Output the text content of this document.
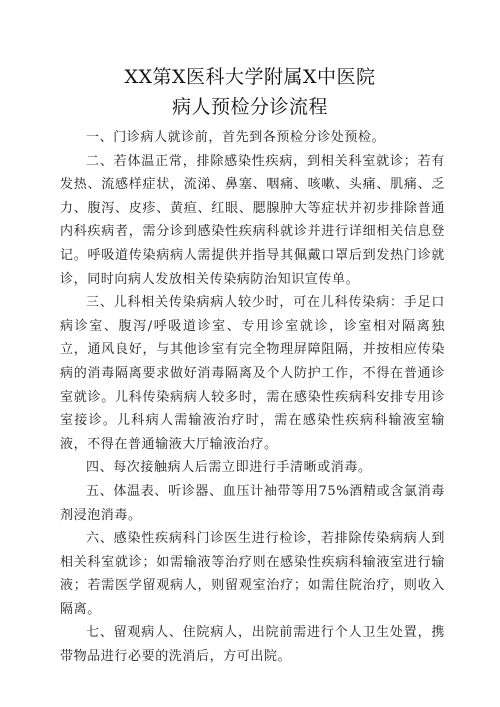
XX第X医科大学附属X中医院
病人预检分诊流程

一、门诊病人就诊前，首先到各预检分诊处预检。

二、若体温正常，排除感染性疾病，到相关科室就诊；若有发热、流感样症状，流涕、鼻塞、咽痛、咳嗽、头痛、肌痛、乏力、腹泻、皮疹、黄疸、红眼、腮腺肿大等症状并初步排除普通内科疾病者，需分诊到感染性疾病科就诊并进行详细相关信息登记。呼吸道传染病病人需提供并指导其佩戴口罩后到发热门诊就诊，同时向病人发放相关传染病防治知识宣传单。

三、儿科相关传染病病人较少时，可在儿科传染病：手足口病诊室、腹泻/呼吸道诊室、专用诊室就诊，诊室相对隔离独立，通风良好，与其他诊室有完全物理屏障阻隔，并按相应传染病的消毒隔离要求做好消毒隔离及个人防护工作，不得在普通诊室就诊。儿科传染病病人较多时，需在感染性疾病科安排专用诊室接诊。儿科病人需输液治疗时，需在感染性疾病科输液室输液，不得在普通输液大厅输液治疗。

四、每次接触病人后需立即进行手清晰或消毒。

五、体温表、听诊器、血压计袖带等用75%酒精或含氯消毒剂浸泡消毒。

六、感染性疾病科门诊医生进行检诊，若排除传染病病人到相关科室就诊；如需输液等治疗则在感染性疾病科输液室进行输液；若需医学留观病人，则留观室治疗；如需住院治疗，则收入隔离。

七、留观病人、住院病人，出院前需进行个人卫生处置，携带物品进行必要的洗消后，方可出院。
